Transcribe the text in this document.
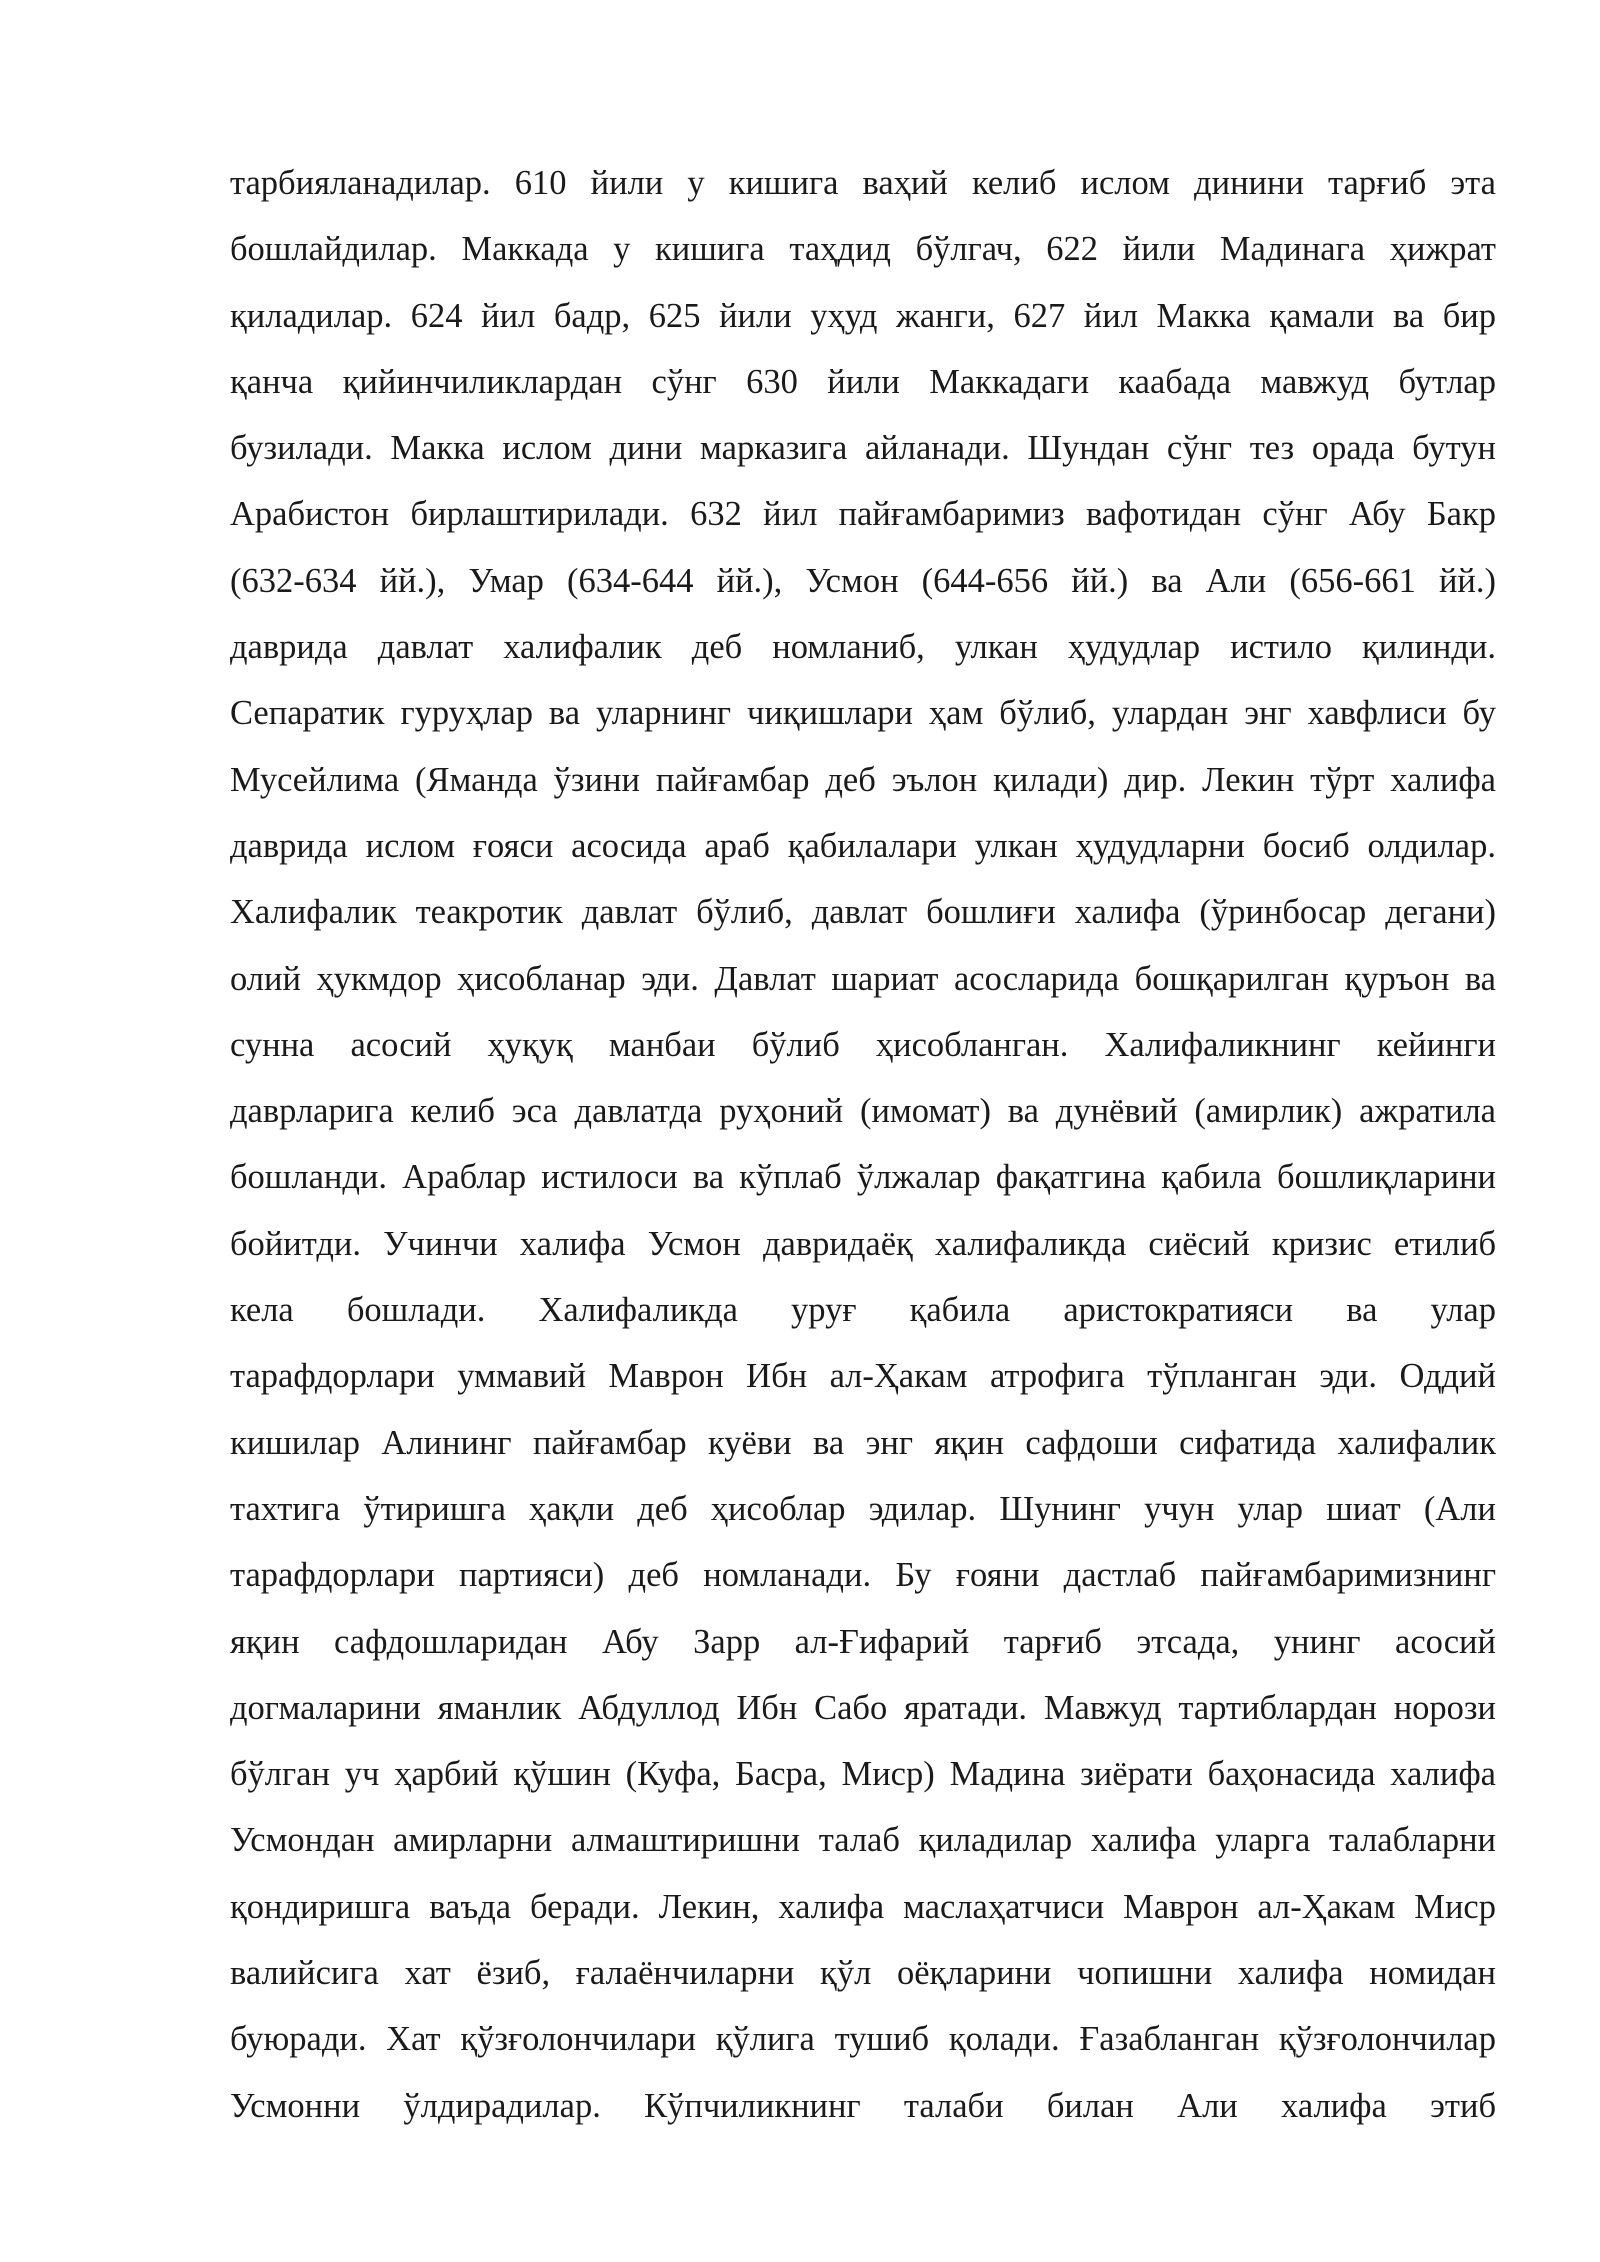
тарбияланадилар. 610 йили у кишига ваҳий келиб ислом динини тарғиб эта
бошлайдилар. Маккада у кишига таҳдид бўлгач, 622 йили Мадинага ҳижрат
қиладилар. 624 йил бадр, 625 йили уҳуд жанги, 627 йил Макка қамали ва бир
қанча қийинчиликлардан сўнг 630 йили Маккадаги каабада мавжуд бутлар
бузилади. Макка ислом дини марказига айланади. Шундан сўнг тез орада бутун
Арабистон бирлаштирилади. 632 йил пайғамбаримиз вафотидан сўнг Абу Бакр
(632-634 йй.), Умар (634-644 йй.), Усмон (644-656 йй.) ва Али (656-661 йй.)
даврида давлат халифалик деб номланиб, улкан ҳудудлар истило қилинди.
Сепаратик гуруҳлар ва уларнинг чиқишлари ҳам бўлиб, улардан энг хавфлиси бу
Мусейлима (Яманда ўзини пайғамбар деб эълон қилади) дир. Лекин тўрт халифа
даврида ислом ғояси асосида араб қабилалари улкан ҳудудларни босиб олдилар.
Халифалик теакротик давлат бўлиб, давлат бошлиғи халифа (ўринбосар дегани)
олий ҳукмдор ҳисобланар эди. Давлат шариат асосларида бошқарилган қуръон ва
сунна асосий ҳуқуқ манбаи бўлиб ҳисобланган. Халифаликнинг кейинги
даврларига келиб эса давлатда руҳоний (имомат) ва дунёвий (амирлик) ажратила
бошланди. Араблар истилоси ва кўплаб ўлжалар фақатгина қабила бошлиқларини
бойитди. Учинчи халифа Усмон давридаёқ халифаликда сиёсий кризис етилиб
кела бошлади. Халифаликда уруғ қабила аристократияси ва улар
тарафдорлари уммавий Маврон Ибн ал-Ҳакам атрофига тўпланган эди. Оддий
кишилар Алининг пайғамбар куёви ва энг яқин сафдоши сифатида халифалик
тахтига ўтиришга ҳақли деб ҳисоблар эдилар. Шунинг учун улар шиат (Али
тарафдорлари партияси) деб номланади. Бу ғояни дастлаб пайғамбаримизнинг
яқин сафдошларидан Абу Зарр ал-Ғифарий тарғиб этсада, унинг асосий
догмаларини яманлик Абдуллод Ибн Сабо яратади. Мавжуд тартиблардан норози
бўлган уч ҳарбий қўшин (Куфа, Басра, Миср) Мадина зиёрати баҳонасида халифа
Усмондан амирларни алмаштиришни талаб қиладилар халифа уларга талабларни
қондиришга ваъда беради. Лекин, халифа маслаҳатчиси Маврон ал-Ҳакам Миср
валийсига хат ёзиб, ғалаёнчиларни қўл оёқларини чопишни халифа номидан
буюради. Хат қўзғолончилари қўлига тушиб қолади. Ғазабланган қўзғолончилар
Усмонни ўлдирадилар. Кўпчиликнинг талаби билан Али халифа этиб
